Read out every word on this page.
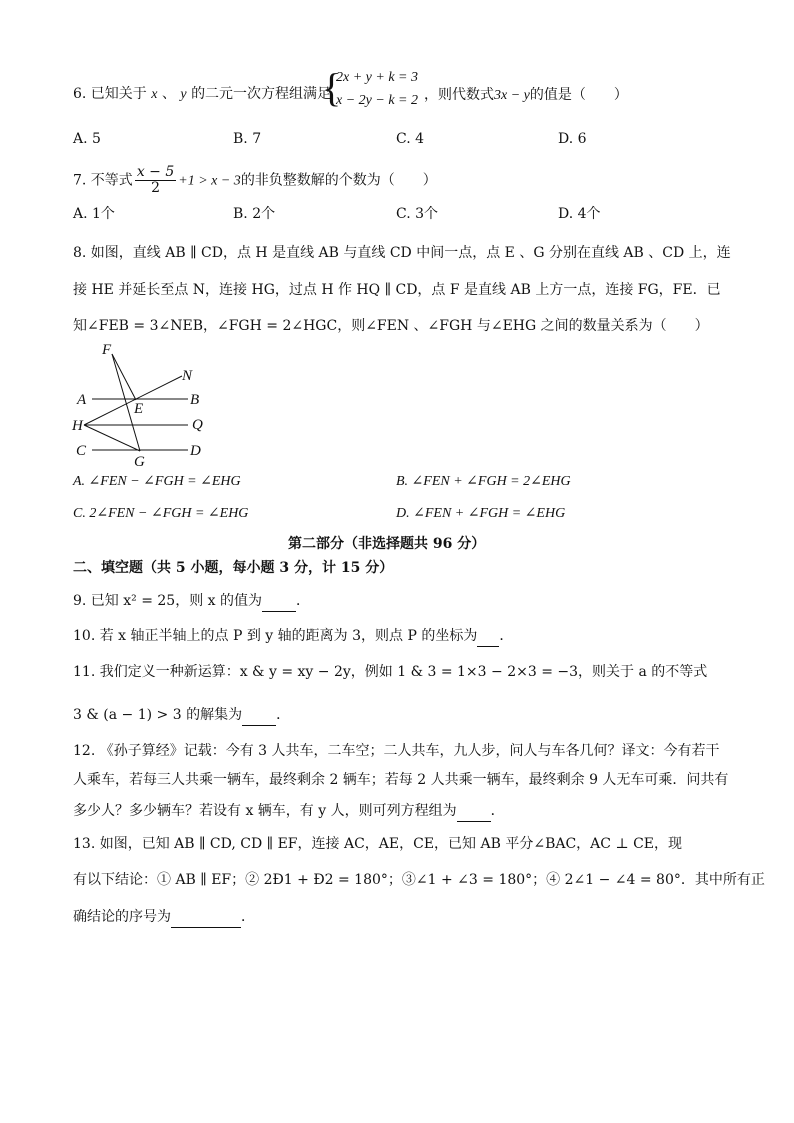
6. 已知关于 x 、 y 的二元一次方程组满足
{
2x + y + k = 3
x − 2y − k = 2 ，则代数式3x − y的值是（　　）
A. 5	B. 7	C. 4	D. 6
7. 不等式 $\frac{x - 5}{2} +1 > x - 3$的非负整数解的个数为（　　）
A. 1个	B. 2个	C. 3个	D. 4个
8. 如图，直线 AB ∥ CD，点 H 是直线 AB 与直线 CD 中间一点，点 E 、G 分别在直线 AB 、CD 上，连
接 HE 并延长至点 N，连接 HG，过点 H 作 HQ ∥ CD，点 F 是直线 AB 上方一点，连接 FG，FE．已
知∠FEB = 3∠NEB，∠FGH = 2∠HGC，则∠FEN 、∠FGH 与∠EHG 之间的数量关系为（　　）
F
N
A	B
E
H	Q
C	D
G
A. ∠FEN − ∠FGH = ∠EHG	B. ∠FEN + ∠FGH = 2∠EHG
C. 2∠FEN − ∠FGH = ∠EHG	D. ∠FEN + ∠FGH = ∠EHG
第二部分（非选择题共 96 分）
二、填空题（共 5 小题，每小题 3 分，计 15 分）
9. 已知 x² = 25，则 x 的值为 ．
10. 若 x 轴正半轴上的点 P 到 y 轴的距离为 3，则点 P 的坐标为 ．
11. 我们定义一种新运算：x & y = xy − 2y，例如 1 & 3 = 1×3 − 2×3 = −3，则关于 a 的不等式
3 & (a − 1) > 3 的解集为 ．
12. 《孙子算经》记载：今有 3 人共车，二车空；二人共车，九人步，问人与车各几何？译文：今有若干
人乘车，若每三人共乘一辆车，最终剩余 2 辆车；若每 2 人共乘一辆车，最终剩余 9 人无车可乘．问共有
多少人？多少辆车？若设有 x 辆车，有 y 人，则可列方程组为 ．
13. 如图，已知 AB ∥ CD, CD ∥ EF，连接 AC，AE，CE，已知 AB 平分∠BAC，AC ⊥ CE，现
有以下结论：① AB ∥ EF；② 2Ð1 + Ð2 = 180°；③∠1 + ∠3 = 180°；④ 2∠1 − ∠4 = 80°．其中所有正
确结论的序号为	．
